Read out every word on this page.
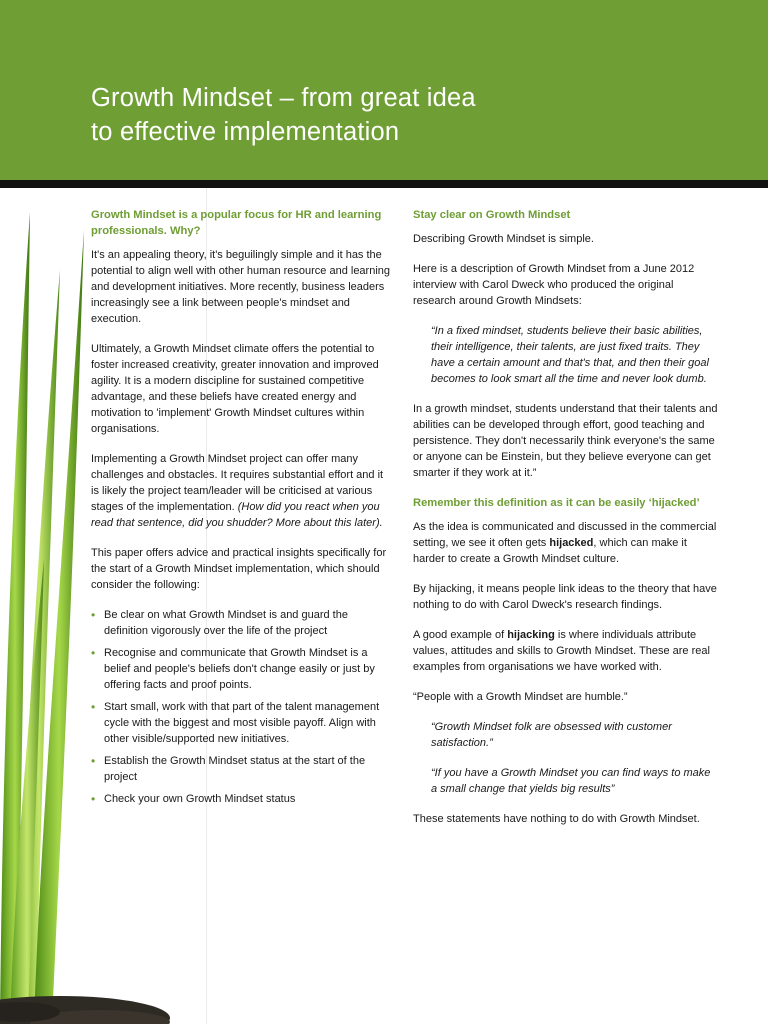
Growth Mindset – from great idea
to effective implementation
Growth Mindset is a popular focus for HR and learning professionals. Why?

It's an appealing theory, it's beguilingly simple and it has the potential to align well with other human resource and learning and development initiatives. More recently, business leaders increasingly see a link between people's mindset and execution.

Ultimately, a Growth Mindset climate offers the potential to foster increased creativity, greater innovation and improved agility. It is a modern discipline for sustained competitive advantage, and these beliefs have created energy and motivation to 'implement' Growth Mindset cultures within organisations.

Implementing a Growth Mindset project can offer many challenges and obstacles. It requires substantial effort and it is likely the project team/leader will be criticised at various stages of the implementation. (How did you react when you read that sentence, did you shudder? More about this later).

This paper offers advice and practical insights specifically for the start of a Growth Mindset implementation, which should consider the following:

• Be clear on what Growth Mindset is and guard the definition vigorously over the life of the project
• Recognise and communicate that Growth Mindset is a belief and people's beliefs don't change easily or just by offering facts and proof points.
• Start small, work with that part of the talent management cycle with the biggest and most visible payoff. Align with other visible/supported new initiatives.
• Establish the Growth Mindset status at the start of the project
• Check your own Growth Mindset status
Stay clear on Growth Mindset

Describing Growth Mindset is simple.

Here is a description of Growth Mindset from a June 2012 interview with Carol Dweck who produced the original research around Growth Mindsets:

“In a fixed mindset, students believe their basic abilities, their intelligence, their talents, are just fixed traits. They have a certain amount and that's that, and then their goal becomes to look smart all the time and never look dumb.

In a growth mindset, students understand that their talents and abilities can be developed through effort, good teaching and persistence. They don't necessarily think everyone's the same or anyone can be Einstein, but they believe everyone can get smarter if they work at it.”

Remember this definition as it can be easily ‘hijacked’

As the idea is communicated and discussed in the commercial setting, we see it often gets hijacked, which can make it harder to create a Growth Mindset culture.

By hijacking, it means people link ideas to the theory that have nothing to do with Carol Dweck's research findings.

A good example of hijacking is where individuals attribute values, attitudes and skills to Growth Mindset. These are real examples from organisations we have worked with.

“People with a Growth Mindset are humble.”

“Growth Mindset folk are obsessed with customer satisfaction.”

“If you have a Growth Mindset you can find ways to make a small change that yields big results”

These statements have nothing to do with Growth Mindset.
